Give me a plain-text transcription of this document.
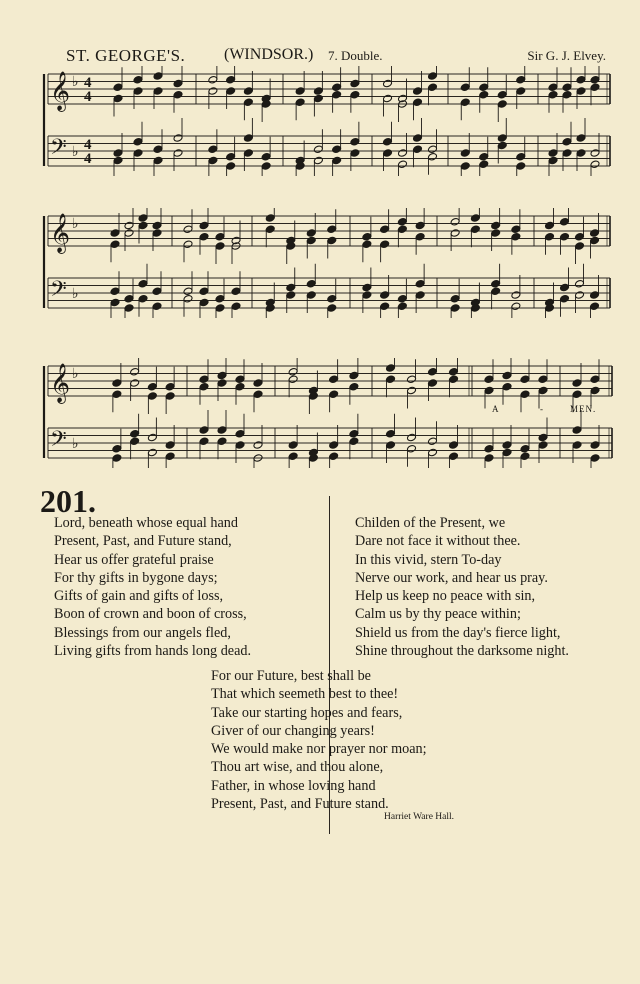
ST. GEORGE'S. (WINDSOR.) 7. Double.	Sir G. J. Elvey.
𝄞 ♭ 4
4
𝄢 ♭ 4
4
𝄞 ♭
𝄢 ♭
𝄞 ♭
𝄢 ♭
A	-	MEN.
201.
Lord, beneath whose equal hand
Present, Past, and Future stand,
Hear us offer grateful praise
For thy gifts in bygone days;
Gifts of gain and gifts of loss,
Boon of crown and boon of cross,
Blessings from our angels fled,
Living gifts from hands long dead.
Childen of the Present, we
Dare not face it without thee.
In this vivid, stern To-day
Nerve our work, and hear us pray.
Help us keep no peace with sin,
Calm us by thy peace within;
Shield us from the day's fierce light,
Shine throughout the darksome night.
For our Future, best shall be
That which seemeth best to thee!
Take our starting hopes and fears,
Giver of our changing years!
We would make nor prayer nor moan;
Thou art wise, and thou alone,
Father, in whose loving hand
Present, Past, and Future stand.
Harriet Ware Hall.
